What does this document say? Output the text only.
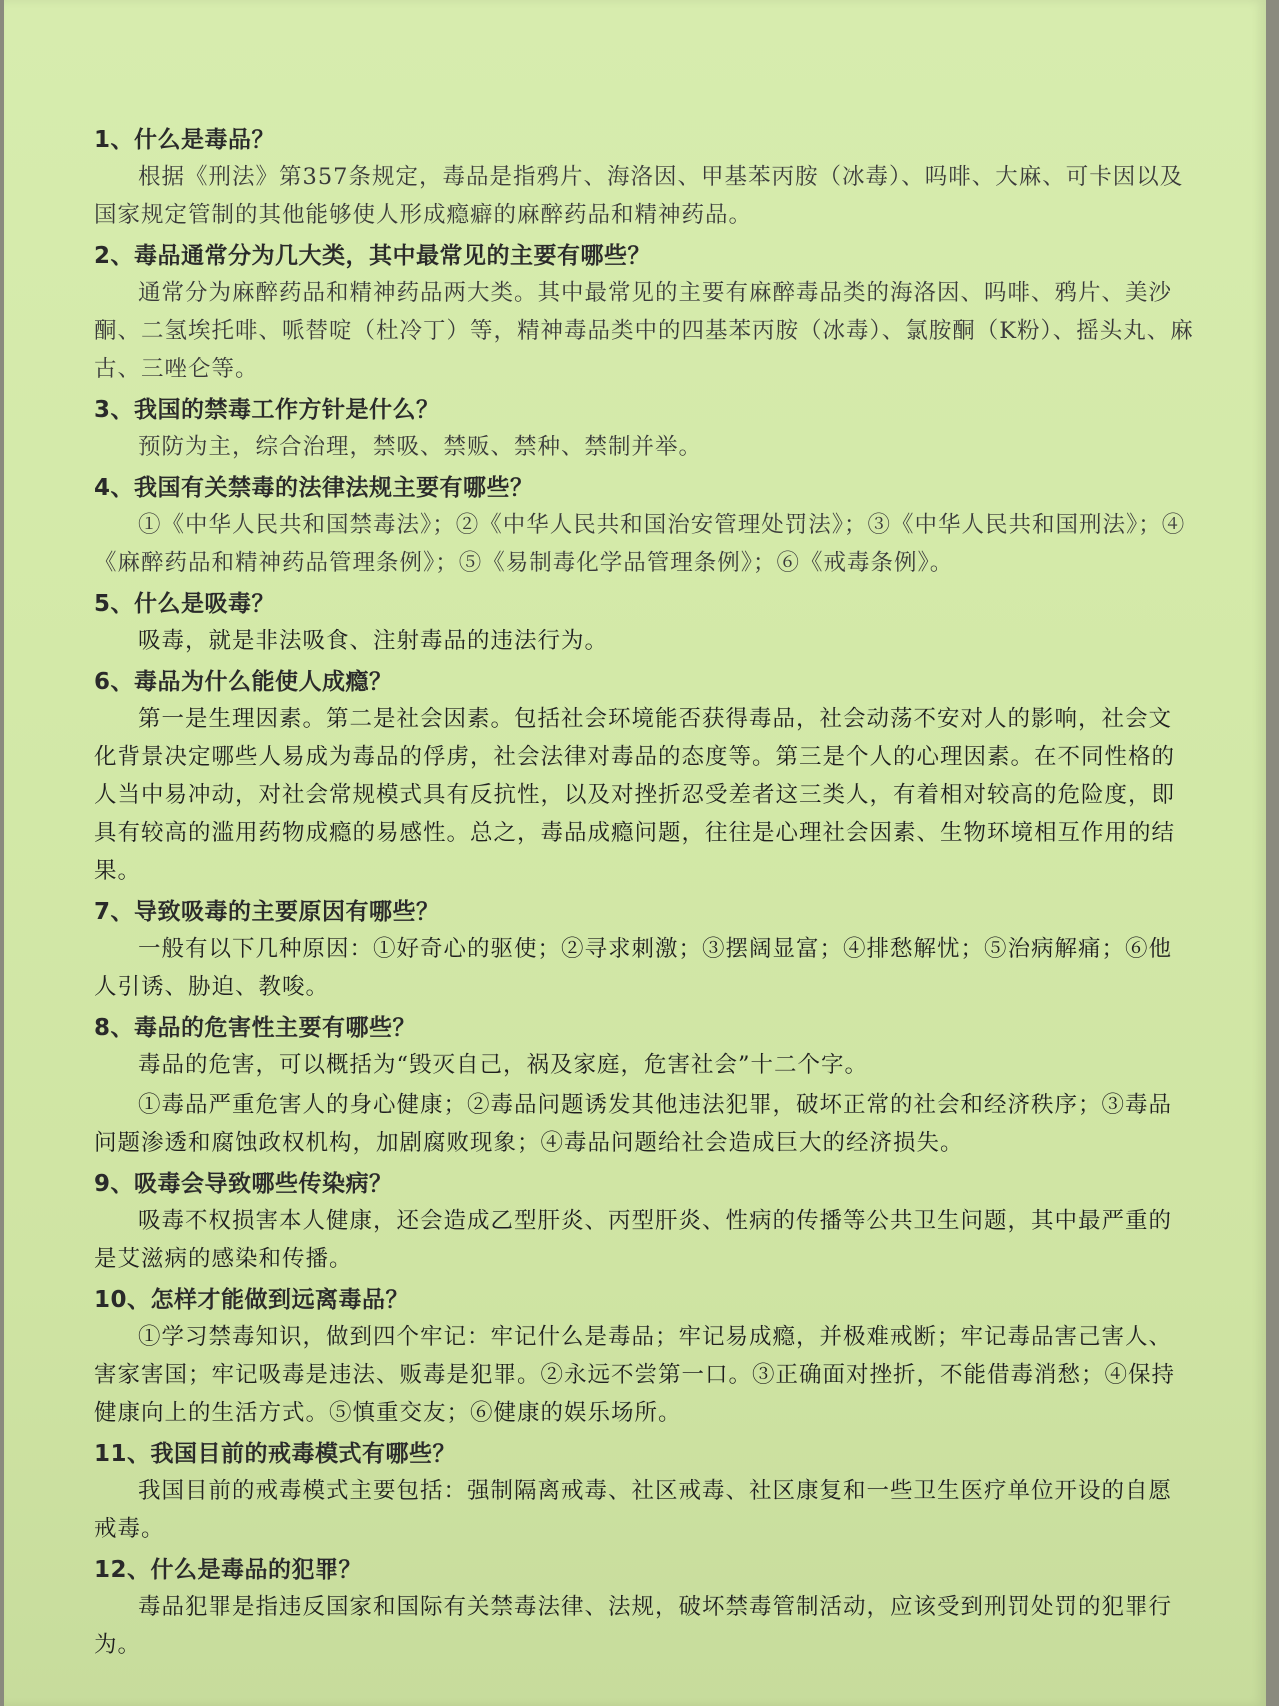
1、什么是毒品？

根据《刑法》第357条规定，毒品是指鸦片、海洛因、甲基苯丙胺（冰毒）、吗啡、大麻、可卡因以及国家规定管制的其他能够使人形成瘾癖的麻醉药品和精神药品。

2、毒品通常分为几大类，其中最常见的主要有哪些？

通常分为麻醉药品和精神药品两大类。其中最常见的主要有麻醉毒品类的海洛因、吗啡、鸦片、美沙酮、二氢埃托啡、哌替啶（杜冷丁）等，精神毒品类中的四基苯丙胺（冰毒）、氯胺酮（K粉）、摇头丸、麻古、三唑仑等。

3、我国的禁毒工作方针是什么？

预防为主，综合治理，禁吸、禁贩、禁种、禁制并举。

4、我国有关禁毒的法律法规主要有哪些？

①《中华人民共和国禁毒法》；②《中华人民共和国治安管理处罚法》；③《中华人民共和国刑法》；④《麻醉药品和精神药品管理条例》；⑤《易制毒化学品管理条例》；⑥《戒毒条例》。

5、什么是吸毒？

吸毒，就是非法吸食、注射毒品的违法行为。

6、毒品为什么能使人成瘾？

第一是生理因素。第二是社会因素。包括社会环境能否获得毒品，社会动荡不安对人的影响，社会文化背景决定哪些人易成为毒品的俘虏，社会法律对毒品的态度等。第三是个人的心理因素。在不同性格的人当中易冲动，对社会常规模式具有反抗性，以及对挫折忍受差者这三类人，有着相对较高的危险度，即具有较高的滥用药物成瘾的易感性。总之，毒品成瘾问题，往往是心理社会因素、生物环境相互作用的结果。

7、导致吸毒的主要原因有哪些？

一般有以下几种原因：①好奇心的驱使；②寻求刺激；③摆阔显富；④排愁解忧；⑤治病解痛；⑥他人引诱、胁迫、教唆。

8、毒品的危害性主要有哪些？

毒品的危害，可以概括为“毁灭自己，祸及家庭，危害社会”十二个字。

①毒品严重危害人的身心健康；②毒品问题诱发其他违法犯罪，破坏正常的社会和经济秩序；③毒品问题渗透和腐蚀政权机构，加剧腐败现象；④毒品问题给社会造成巨大的经济损失。

9、吸毒会导致哪些传染病？

吸毒不权损害本人健康，还会造成乙型肝炎、丙型肝炎、性病的传播等公共卫生问题，其中最严重的是艾滋病的感染和传播。

10、怎样才能做到远离毒品？

①学习禁毒知识，做到四个牢记：牢记什么是毒品；牢记易成瘾，并极难戒断；牢记毒品害己害人、害家害国；牢记吸毒是违法、贩毒是犯罪。②永远不尝第一口。③正确面对挫折，不能借毒消愁；④保持健康向上的生活方式。⑤慎重交友；⑥健康的娱乐场所。

11、我国目前的戒毒模式有哪些？

我国目前的戒毒模式主要包括：强制隔离戒毒、社区戒毒、社区康复和一些卫生医疗单位开设的自愿戒毒。

12、什么是毒品的犯罪？

毒品犯罪是指违反国家和国际有关禁毒法律、法规，破坏禁毒管制活动，应该受到刑罚处罚的犯罪行为。
